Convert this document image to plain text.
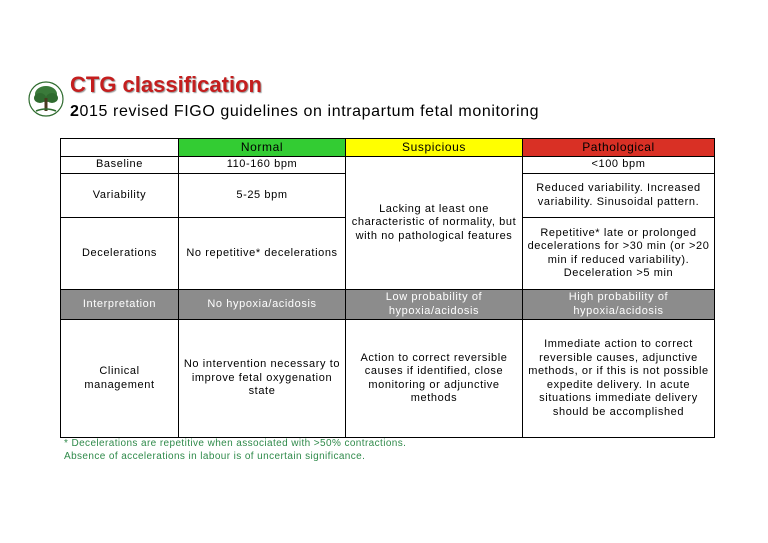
CTG classification

2015 revised FIGO guidelines on intrapartum fetal monitoring

	Normal	Suspicious	Pathological
Baseline	110-160 bpm	Lacking at least one characteristic of normality, but with no pathological features	<100 bpm
Variability	5-25 bpm		Reduced variability. Increased variability. Sinusoidal pattern.
Decelerations	No repetitive* decelerations		Repetitive* late or prolonged decelerations for >30 min (or >20 min if reduced variability). Deceleration >5 min
Interpretation	No hypoxia/acidosis	Low probability of hypoxia/acidosis	High probability of hypoxia/acidosis
Clinical management	No intervention necessary to improve fetal oxygenation state	Action to correct reversible causes if identified, close monitoring or adjunctive methods	Immediate action to correct reversible causes, adjunctive methods, or if this is not possible expedite delivery. In acute situations immediate delivery should be accomplished

* Decelerations are repetitive when associated with >50% contractions.
Absence of accelerations in labour is of uncertain significance.
